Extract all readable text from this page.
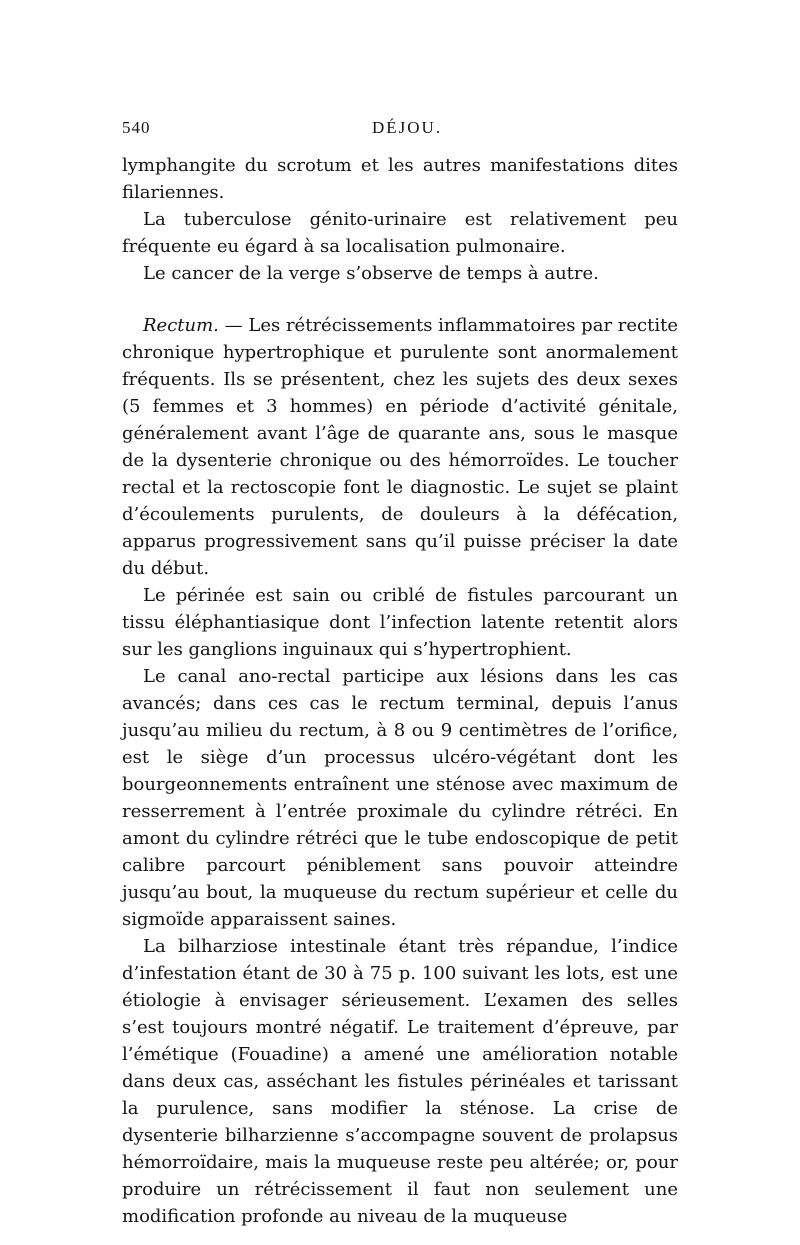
540	DÉJOU.

lymphangite du scrotum et les autres manifestations dites filariennes.

La tuberculose génito-urinaire est relativement peu fréquente eu égard à sa localisation pulmonaire.

Le cancer de la verge s’observe de temps à autre.

Rectum. — Les rétrécissements inflammatoires par rectite chronique hypertrophique et purulente sont anormalement fréquents. Ils se présentent, chez les sujets des deux sexes (5 femmes et 3 hommes) en période d’activité génitale, généralement avant l’âge de quarante ans, sous le masque de la dysenterie chronique ou des hémorroïdes. Le toucher rectal et la rectoscopie font le diagnostic. Le sujet se plaint d’écoulements purulents, de douleurs à la défécation, apparus progressivement sans qu’il puisse préciser la date du début.

Le périnée est sain ou criblé de fistules parcourant un tissu éléphantiasique dont l’infection latente retentit alors sur les ganglions inguinaux qui s’hypertrophient.

Le canal ano-rectal participe aux lésions dans les cas avancés; dans ces cas le rectum terminal, depuis l’anus jusqu’au milieu du rectum, à 8 ou 9 centimètres de l’orifice, est le siège d’un processus ulcéro-végétant dont les bourgeonnements entraînent une sténose avec maximum de resserrement à l’entrée proximale du cylindre rétréci. En amont du cylindre rétréci que le tube endoscopique de petit calibre parcourt péniblement sans pouvoir atteindre jusqu’au bout, la muqueuse du rectum supérieur et celle du sigmoïde apparaissent saines.

La bilharziose intestinale étant très répandue, l’indice d’infestation étant de 30 à 75 p. 100 suivant les lots, est une étiologie à envisager sérieusement. L’examen des selles s’est toujours montré négatif. Le traitement d’épreuve, par l’émétique (Fouadine) a amené une amélioration notable dans deux cas, asséchant les fistules périnéales et tarissant la purulence, sans modifier la sténose. La crise de dysenterie bilharzienne s’accompagne souvent de prolapsus hémorroïdaire, mais la muqueuse reste peu altérée; or, pour produire un rétrécissement il faut non seulement une modification profonde au niveau de la muqueuse
